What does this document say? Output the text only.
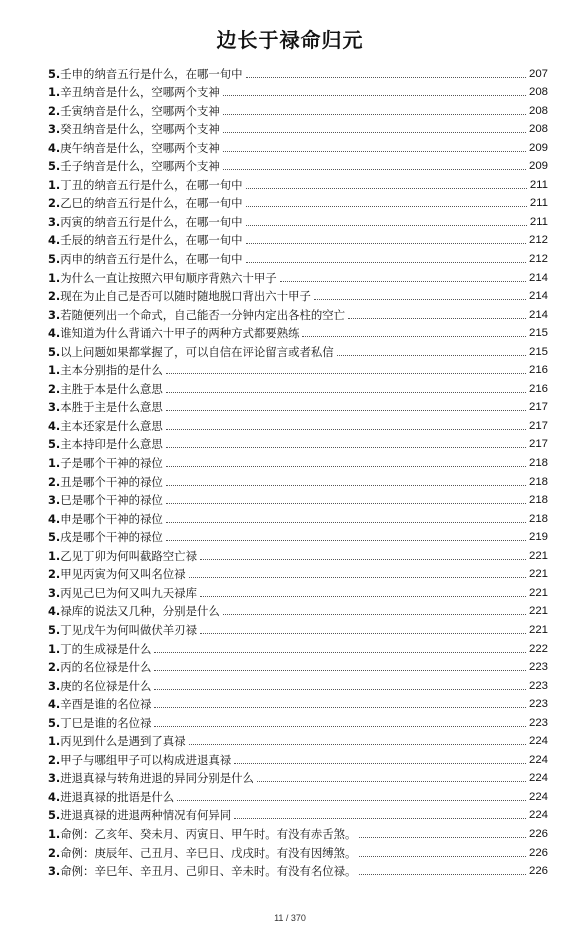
边长于禄命归元
5.壬申的纳音五行是什么，在哪一旬中	207
1.辛丑纳音是什么，空哪两个支神	208
2.壬寅纳音是什么，空哪两个支神	208
3.癸丑纳音是什么，空哪两个支神	208
4.庚午纳音是什么，空哪两个支神	209
5.壬子纳音是什么，空哪两个支神	209
1.丁丑的纳音五行是什么，在哪一旬中	211
2.乙巳的纳音五行是什么，在哪一旬中	211
3.丙寅的纳音五行是什么，在哪一旬中	211
4.壬辰的纳音五行是什么，在哪一旬中	212
5.丙申的纳音五行是什么，在哪一旬中	212
1.为什么一直让按照六甲旬顺序背熟六十甲子	214
2.现在为止自己是否可以随时随地脱口背出六十甲子	214
3.若随便列出一个命式，自己能否一分钟内定出各柱的空亡	214
4.谁知道为什么背诵六十甲子的两种方式都要熟练	215
5.以上问题如果都掌握了，可以自信在评论留言或者私信	215
1.主本分别指的是什么	216
2.主胜于本是什么意思	216
3.本胜于主是什么意思	217
4.主本还家是什么意思	217
5.主本持印是什么意思	217
1.子是哪个干神的禄位	218
2.丑是哪个干神的禄位	218
3.巳是哪个干神的禄位	218
4.申是哪个干神的禄位	218
5.戌是哪个干神的禄位	219
1.乙见丁卯为何叫截路空亡禄	221
2.甲见丙寅为何又叫名位禄	221
3.丙见己巳为何又叫九天禄库	221
4.禄库的说法又几种，分别是什么	221
5.丁见戊午为何叫做伏羊刃禄	221
1.丁的生成禄是什么	222
2.丙的名位禄是什么	223
3.庚的名位禄是什么	223
4.辛酉是谁的名位禄	223
5.丁巳是谁的名位禄	223
1.丙见到什么是遇到了真禄	224
2.甲子与哪组甲子可以构成进退真禄	224
3.进退真禄与转角进退的异同分别是什么	224
4.进退真禄的批语是什么	224
5.进退真禄的进退两种情况有何异同	224
1.命例：乙亥年、癸未月、丙寅日、甲午时。有没有赤舌煞。	226
2.命例：庚辰年、己丑月、辛巳日、戊戌时。有没有因缚煞。	226
3.命例：辛巳年、辛丑月、己卯日、辛未时。有没有名位禄。	226
11 / 370
